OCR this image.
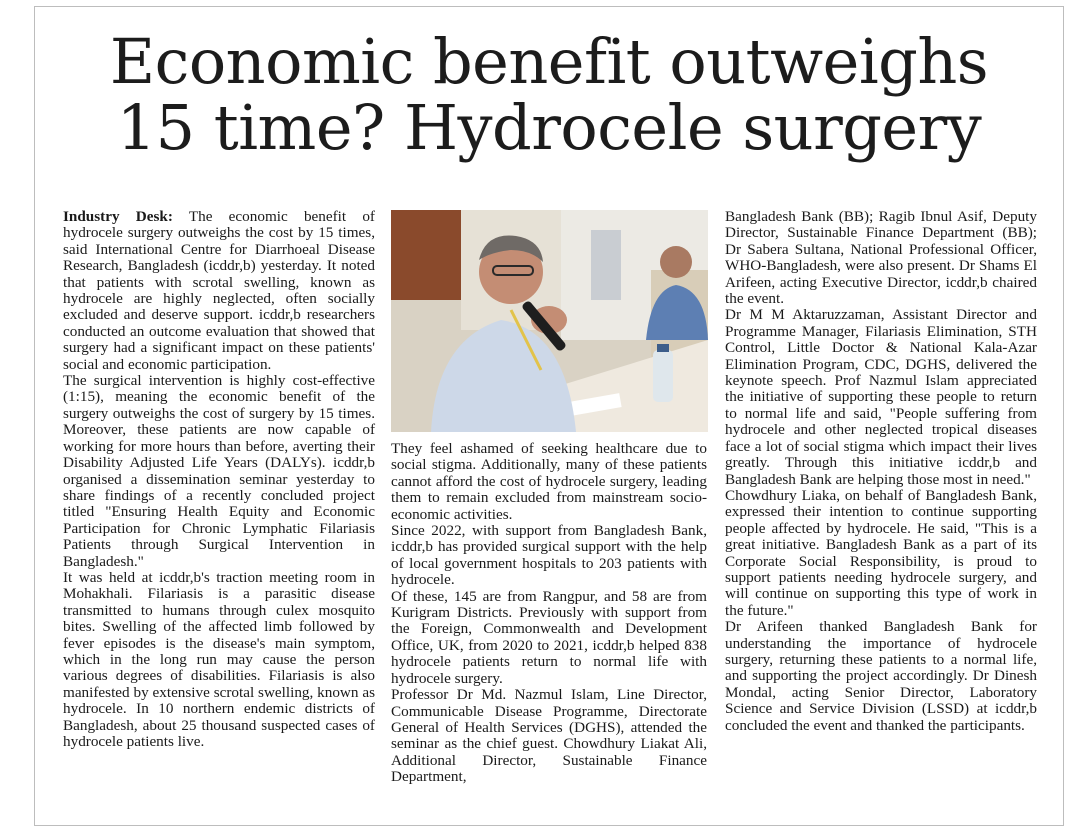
Economic benefit outweighs
15 time? Hydrocele surgery

Industry Desk: The economic benefit of hydrocele surgery outweighs the cost by 15 times, said International Centre for Diarrhoeal Disease Research, Bangladesh (icddr,b) yesterday. It noted that patients with scrotal swelling, known as hydrocele are highly neglected, often socially excluded and deserve support. icddr,b researchers conducted an outcome evaluation that showed that surgery had a significant impact on these patients' social and economic participation.

The surgical intervention is highly cost-effective (1:15), meaning the economic benefit of the surgery outweighs the cost of surgery by 15 times. Moreover, these patients are now capable of working for more hours than before, averting their Disability Adjusted Life Years (DALYs). icddr,b organised a dissemination seminar yesterday to share findings of a recently concluded project titled "Ensuring Health Equity and Economic Participation for Chronic Lymphatic Filariasis Patients through Surgical Intervention in Bangladesh."

It was held at icddr,b's traction meeting room in Mohakhali. Filariasis is a parasitic disease transmitted to humans through culex mosquito bites. Swelling of the affected limb followed by fever episodes is the disease's main symptom, which in the long run may cause the person various degrees of disabilities. Filariasis is also manifested by extensive scrotal swelling, known as hydrocele. In 10 northern endemic districts of Bangladesh, about 25 thousand suspected cases of hydrocele patients live.

They feel ashamed of seeking healthcare due to social stigma. Additionally, many of these patients cannot afford the cost of hydrocele surgery, leading them to remain excluded from mainstream socio-economic activities.

Since 2022, with support from Bangladesh Bank, icddr,b has provided surgical support with the help of local government hospitals to 203 patients with hydrocele.

Of these, 145 are from Rangpur, and 58 are from Kurigram Districts. Previously with support from the Foreign, Commonwealth and Development Office, UK, from 2020 to 2021, icddr,b helped 838 hydrocele patients return to normal life with hydrocele surgery.

Professor Dr Md. Nazmul Islam, Line Director, Communicable Disease Programme, Directorate General of Health Services (DGHS), attended the seminar as the chief guest. Chowdhury Liakat Ali, Additional Director, Sustainable Finance Department,

Bangladesh Bank (BB); Ragib Ibnul Asif, Deputy Director, Sustainable Finance Department (BB); Dr Sabera Sultana, National Professional Officer, WHO-Bangladesh, were also present. Dr Shams El Arifeen, acting Executive Director, icddr,b chaired the event.

Dr M M Aktaruzzaman, Assistant Director and Programme Manager, Filariasis Elimination, STH Control, Little Doctor & National Kala-Azar Elimination Program, CDC, DGHS, delivered the keynote speech. Prof Nazmul Islam appreciated the initiative of supporting these people to return to normal life and said, "People suffering from hydrocele and other neglected tropical diseases face a lot of social stigma which impact their lives greatly. Through this initiative icddr,b and Bangladesh Bank are helping those most in need."

Chowdhury Liaka, on behalf of Bangladesh Bank, expressed their intention to continue supporting people affected by hydrocele. He said, "This is a great initiative. Bangladesh Bank as a part of its Corporate Social Responsibility, is proud to support patients needing hydrocele surgery, and will continue on supporting this type of work in the future."

Dr Arifeen thanked Bangladesh Bank for understanding the importance of hydrocele surgery, returning these patients to a normal life, and supporting the project accordingly. Dr Dinesh Mondal, acting Senior Director, Laboratory Science and Service Division (LSSD) at icddr,b concluded the event and thanked the participants.
